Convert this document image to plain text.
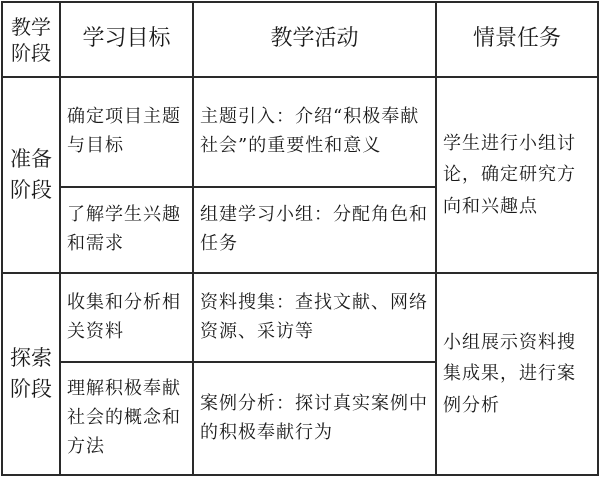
教学
阶段	学习目标	教学活动	情景任务
准备
阶段	确定项目主题与目标	主题引入：介绍“积极奉献社会”的重要性和意义	学生进行小组讨论，确定研究方向和兴趣点
	了解学生兴趣和需求	组建学习小组：分配角色和任务	
探索
阶段	收集和分析相关资料	资料搜集：查找文献、网络资源、采访等	小组展示资料搜集成果，进行案例分析
	理解积极奉献社会的概念和方法	案例分析：探讨真实案例中的积极奉献行为	
